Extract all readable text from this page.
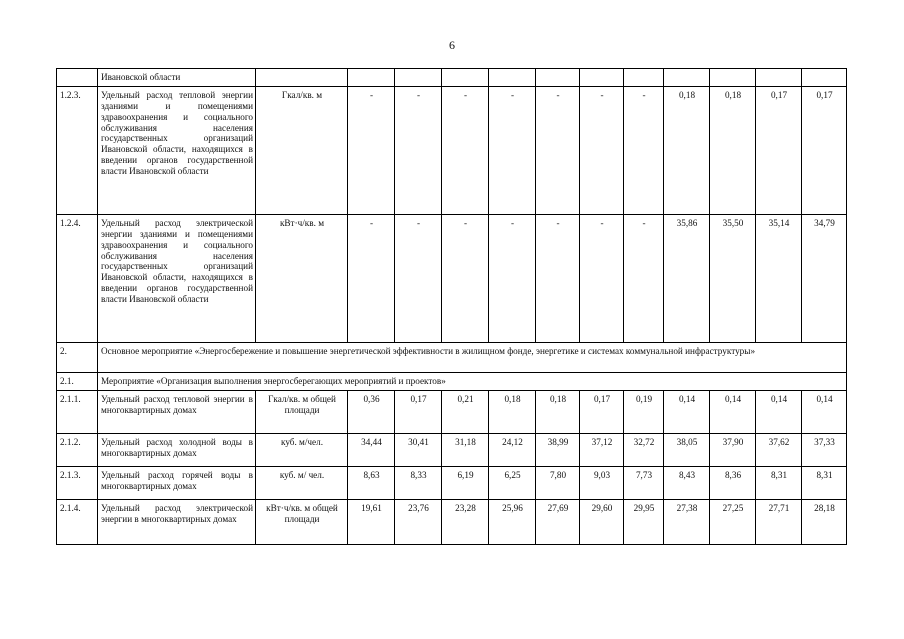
6
	Ивановской области												
1.2.3.	Удельный расход тепловой энергии зданиями и помещениями здравоохранения и социального обслуживания населения государственных организаций Ивановской области, находящихся в введении органов государственной власти Ивановской области	Гкал/кв. м	-	-	-	-	-	-	-	0,18	0,18	0,17	0,17
1.2.4.	Удельный расход электрической энергии зданиями и помещениями здравоохранения и социального обслуживания населения государственных организаций Ивановской области, находящихся в введении органов государственной власти Ивановской области	кВт·ч/кв. м	-	-	-	-	-	-	-	35,86	35,50	35,14	34,79
2.	Основное мероприятие «Энергосбережение и повышение энергетической эффективности в жилищном фонде, энергетике и системах коммунальной инфраструктуры»												
2.1.	Мероприятие «Организация выполнения энергосберегающих мероприятий и проектов»												
2.1.1.	Удельный расход тепловой энергии в многоквартирных домах	Гкал/кв. м общей площади	0,36	0,17	0,21	0,18	0,18	0,17	0,19	0,14	0,14	0,14	0,14
2.1.2.	Удельный расход холодной воды в многоквартирных домах	куб. м/чел.	34,44	30,41	31,18	24,12	38,99	37,12	32,72	38,05	37,90	37,62	37,33
2.1.3.	Удельный расход горячей воды в многоквартирных домах	куб. м/ чел.	8,63	8,33	6,19	6,25	7,80	9,03	7,73	8,43	8,36	8,31	8,31
2.1.4.	Удельный расход электрической энергии в многоквартирных домах	кВт·ч/кв. м общей площади	19,61	23,76	23,28	25,96	27,69	29,60	29,95	27,38	27,25	27,71	28,18
